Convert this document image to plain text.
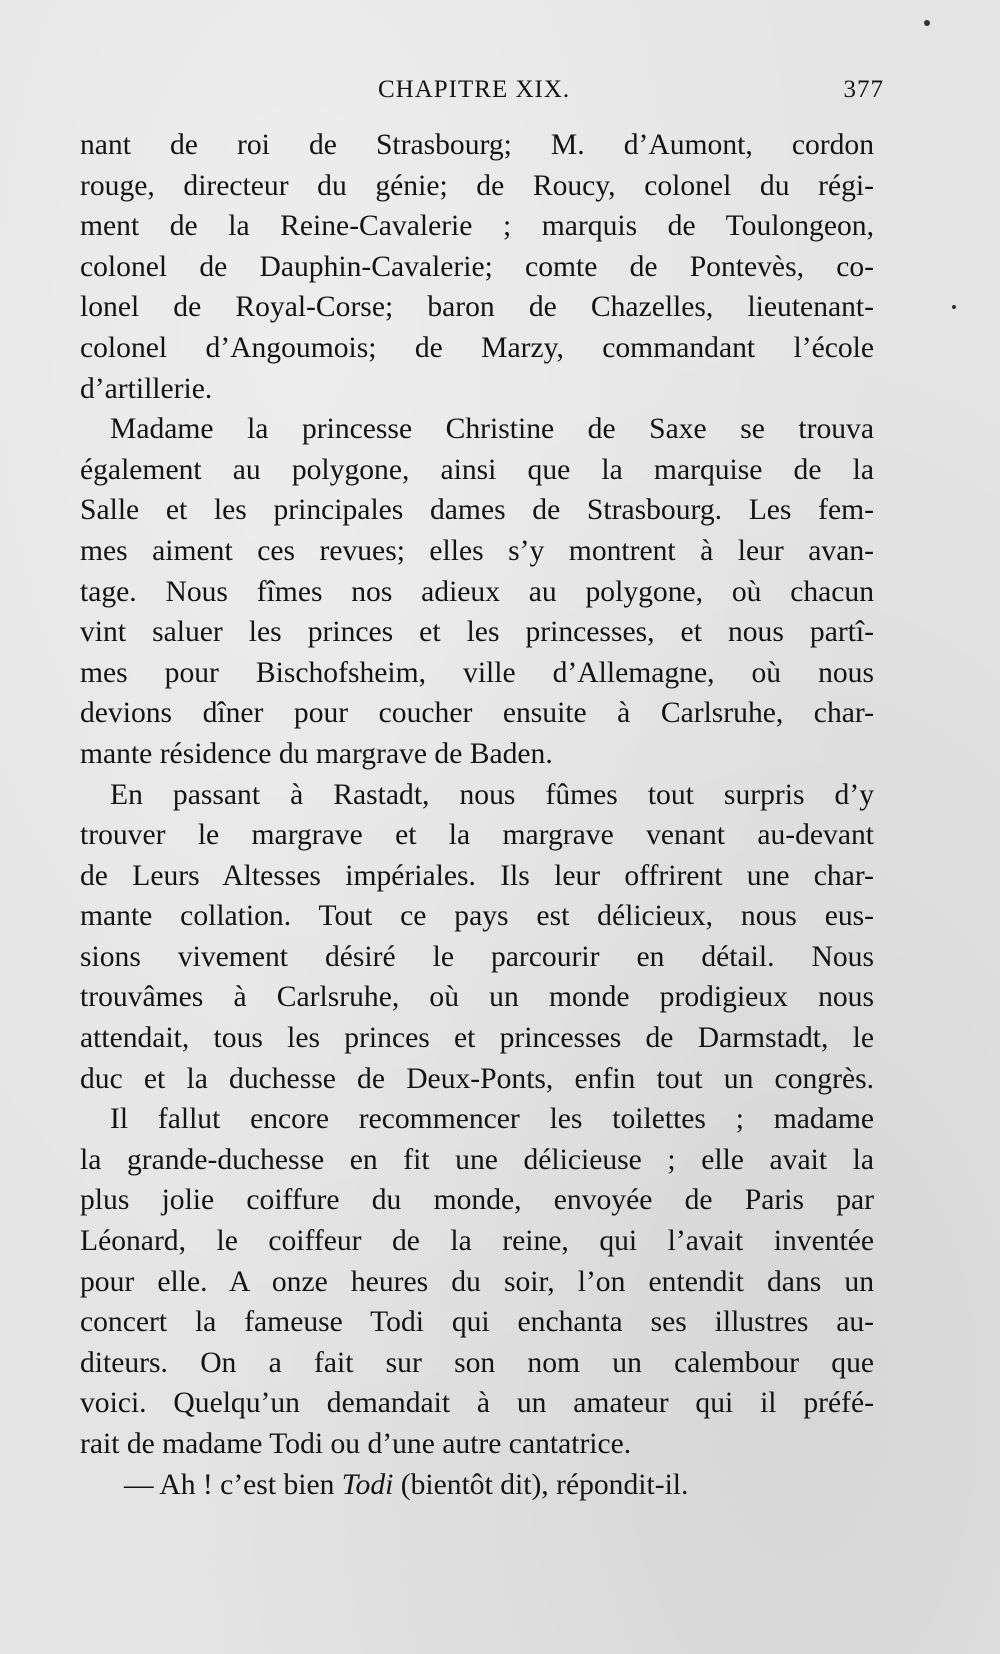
CHAPITRE XIX.	377
nant de roi de Strasbourg; M. d’Aumont, cordon
rouge, directeur du génie; de Roucy, colonel du régi-
ment de la Reine-Cavalerie ; marquis de Toulongeon,
colonel de Dauphin-Cavalerie; comte de Pontevès, co-
lonel de Royal-Corse; baron de Chazelles, lieutenant-
colonel d’Angoumois; de Marzy, commandant l’école
d’artillerie.
Madame la princesse Christine de Saxe se trouva
également au polygone, ainsi que la marquise de la
Salle et les principales dames de Strasbourg. Les fem-
mes aiment ces revues; elles s’y montrent à leur avan-
tage. Nous fîmes nos adieux au polygone, où chacun
vint saluer les princes et les princesses, et nous partî-
mes pour Bischofsheim, ville d’Allemagne, où nous
devions dîner pour coucher ensuite à Carlsruhe, char-
mante résidence du margrave de Baden.
En passant à Rastadt, nous fûmes tout surpris d’y
trouver le margrave et la margrave venant au-devant
de Leurs Altesses impériales. Ils leur offrirent une char-
mante collation. Tout ce pays est délicieux, nous eus-
sions vivement désiré le parcourir en détail. Nous
trouvâmes à Carlsruhe, où un monde prodigieux nous
attendait, tous les princes et princesses de Darmstadt, le
duc et la duchesse de Deux-Ponts, enfin tout un congrès.
Il fallut encore recommencer les toilettes ; madame
la grande-duchesse en fit une délicieuse ; elle avait la
plus jolie coiffure du monde, envoyée de Paris par
Léonard, le coiffeur de la reine, qui l’avait inventée
pour elle. A onze heures du soir, l’on entendit dans un
concert la fameuse Todi qui enchanta ses illustres au-
diteurs. On a fait sur son nom un calembour que
voici. Quelqu’un demandait à un amateur qui il préfé-
rait de madame Todi ou d’une autre cantatrice.
— Ah ! c’est bien Todi (bientôt dit), répondit-il.
